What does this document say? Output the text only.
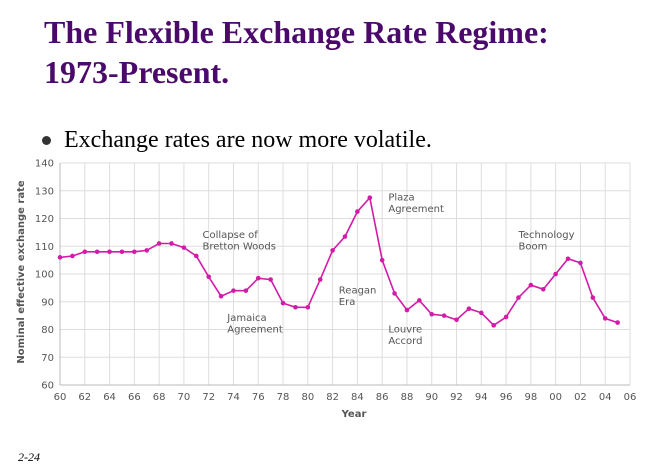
The Flexible Exchange Rate Regime:
1973-Present.
Exchange rates are now more volatile.
60
70
80
90
100
110
120
130
140
60 62 64 66 68 70 72 74 76 78 80 82 84 86 88 90 92 94 96 98 00 02 04 06
Nominal effective exchange rate
Year
Collapse of Bretton Woods
Jamaica Agreement
Reagan Era
Plaza Agreement
Louvre Accord
Technology Boom
2-24
